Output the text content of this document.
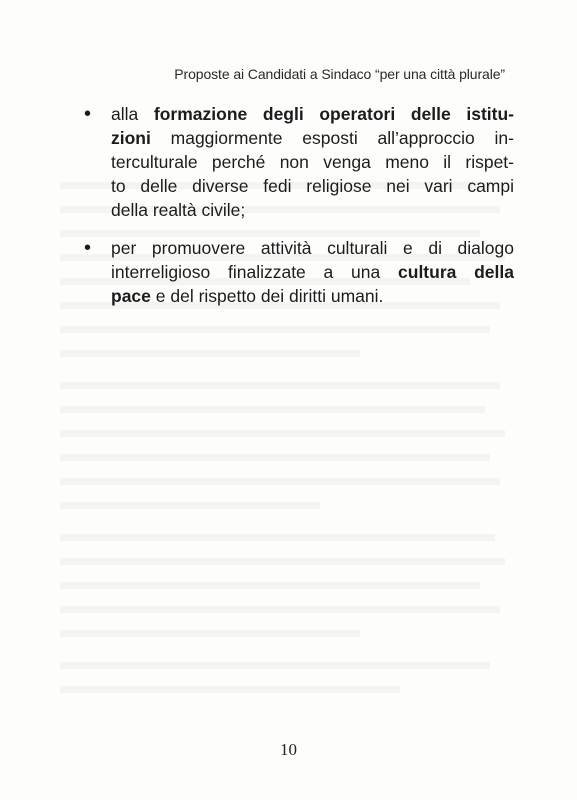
Proposte ai Candidati a Sindaco “per una città plurale”
• alla formazione degli operatori delle istitu-
zioni maggiormente esposti all’approccio in-
terculturale perché non venga meno il rispet-
to delle diverse fedi religiose nei vari campi
della realtà civile;
• per promuovere attività culturali e di dialogo
interreligioso finalizzate a una cultura della
pace e del rispetto dei diritti umani.
10
